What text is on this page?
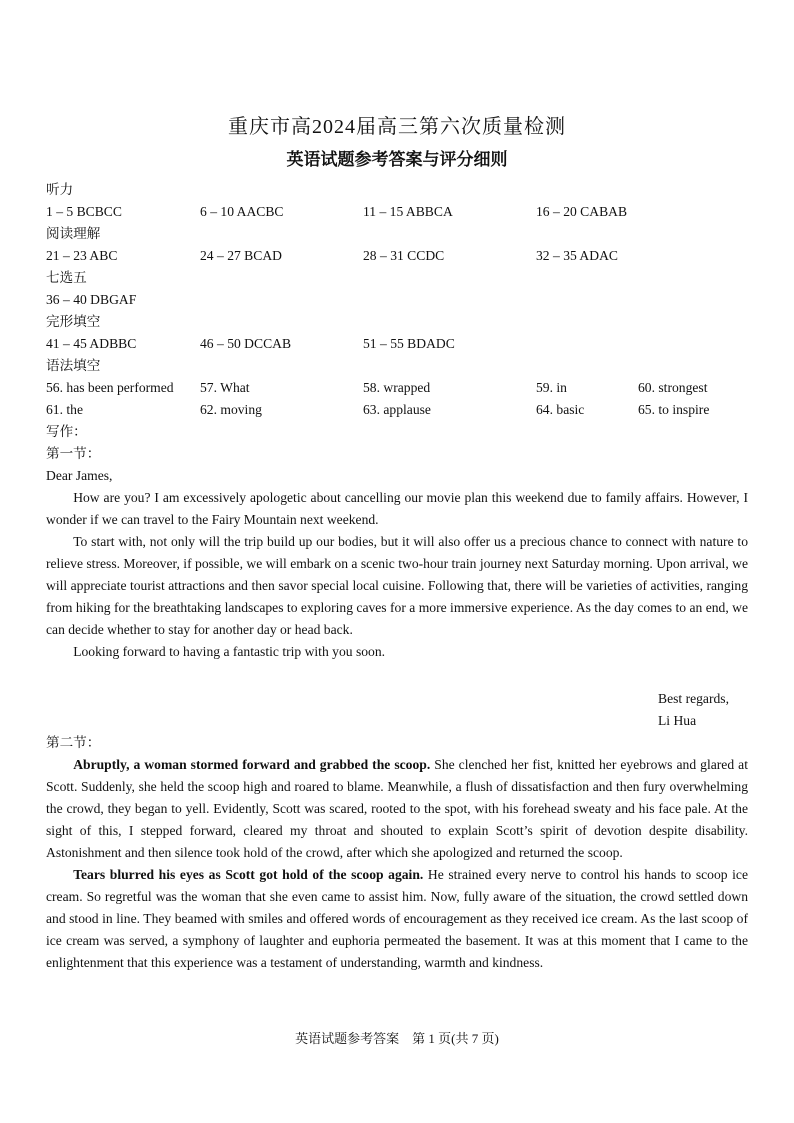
重庆市高2024届高三第六次质量检测
英语试题参考答案与评分细则
听力
1 – 5 BCBCC	6 – 10 AACBC	11 – 15 ABBCA	16 – 20 CABAB
阅读理解
21 – 23 ABC	24 – 27 BCAD	28 – 31 CCDC	32 – 35 ADAC
七选五
36 – 40 DBGAF
完形填空
41 – 45 ADBBC	46 – 50 DCCAB	51 – 55 BDADC
语法填空
56. has been performed 57. What	58. wrapped	59. in	60. strongest
61. the	62. moving	63. applause	64. basic	65. to inspire
写作：
第一节：
Dear James,

How are you? I am excessively apologetic about cancelling our movie plan this weekend due to family affairs. However, I wonder if we can travel to the Fairy Mountain next weekend.

To start with, not only will the trip build up our bodies, but it will also offer us a precious chance to connect with nature to relieve stress. Moreover, if possible, we will embark on a scenic two-hour train journey next Saturday morning. Upon arrival, we will appreciate tourist attractions and then savor special local cuisine. Following that, there will be varieties of activities, ranging from hiking for the breathtaking landscapes to exploring caves for a more immersive experience. As the day comes to an end, we can decide whether to stay for another day or head back.

Looking forward to having a fantastic trip with you soon.

Best regards,
Li Hua
第二节：

Abruptly, a woman stormed forward and grabbed the scoop. She clenched her fist, knitted her eyebrows and glared at Scott. Suddenly, she held the scoop high and roared to blame. Meanwhile, a flush of dissatisfaction and then fury overwhelming the crowd, they began to yell. Evidently, Scott was scared, rooted to the spot, with his forehead sweaty and his face pale. At the sight of this, I stepped forward, cleared my throat and shouted to explain Scott’s spirit of devotion despite disability. Astonishment and then silence took hold of the crowd, after which she apologized and returned the scoop.

Tears blurred his eyes as Scott got hold of the scoop again. He strained every nerve to control his hands to scoop ice cream. So regretful was the woman that she even came to assist him. Now, fully aware of the situation, the crowd settled down and stood in line. They beamed with smiles and offered words of encouragement as they received ice cream. As the last scoop of ice cream was served, a symphony of laughter and euphoria permeated the basement. It was at this moment that I came to the enlightenment that this experience was a testament of understanding, warmth and kindness.

英语试题参考答案　第 1 页(共 7 页)
